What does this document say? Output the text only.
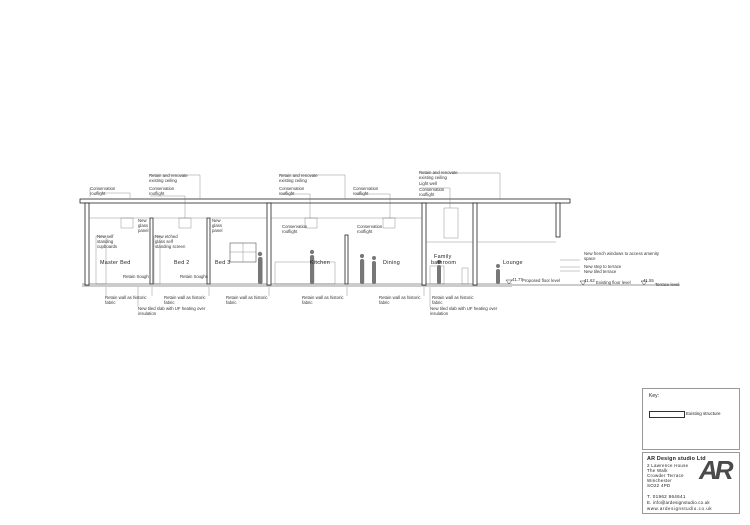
Master Bed	Bed 2	Bed 3	Kitchen	Dining
Family
bathroom	Lounge
Conservation
rooflight
Retain and renovate
existing ceiling
Conservation
rooflight
Retain and renovate
existing ceiling
Conservation
rooflight
Conservation
rooflight
Retain and renovate
existing ceiling
Light well
Conservation
rooflight
New self
standing
cupboards
New
glass
panel
New etched
glass self
standing screen
New
glass
panel
Conservation
rooflight
Conservation
rooflight
Retain trough	Retain troughs
Retain wall as historic
fabric
Retain wall as historic
fabric
Retain wall as historic
fabric
Retain wall as historic
fabric
Retain wall as historic
fabric
Retain wall as historic
fabric
New tiled slab with UF heating over
insulation
New tiled slab with UF heating over
insulation
New french windows to access amenity
space
New step to terrace
New tiled terrace
41.77 Proposed floor level	41.62 Existing floor level	41.55
Terrace level
Key:
Existing structure
AR Design studio Ltd
2 Lawrence House
The Walk
Crowder Terrace
Winchester
SO22 4PD
AR
T. 01962 864641
E. info@ardesignstudio.co.uk
www.ardesignstudio.co.uk
